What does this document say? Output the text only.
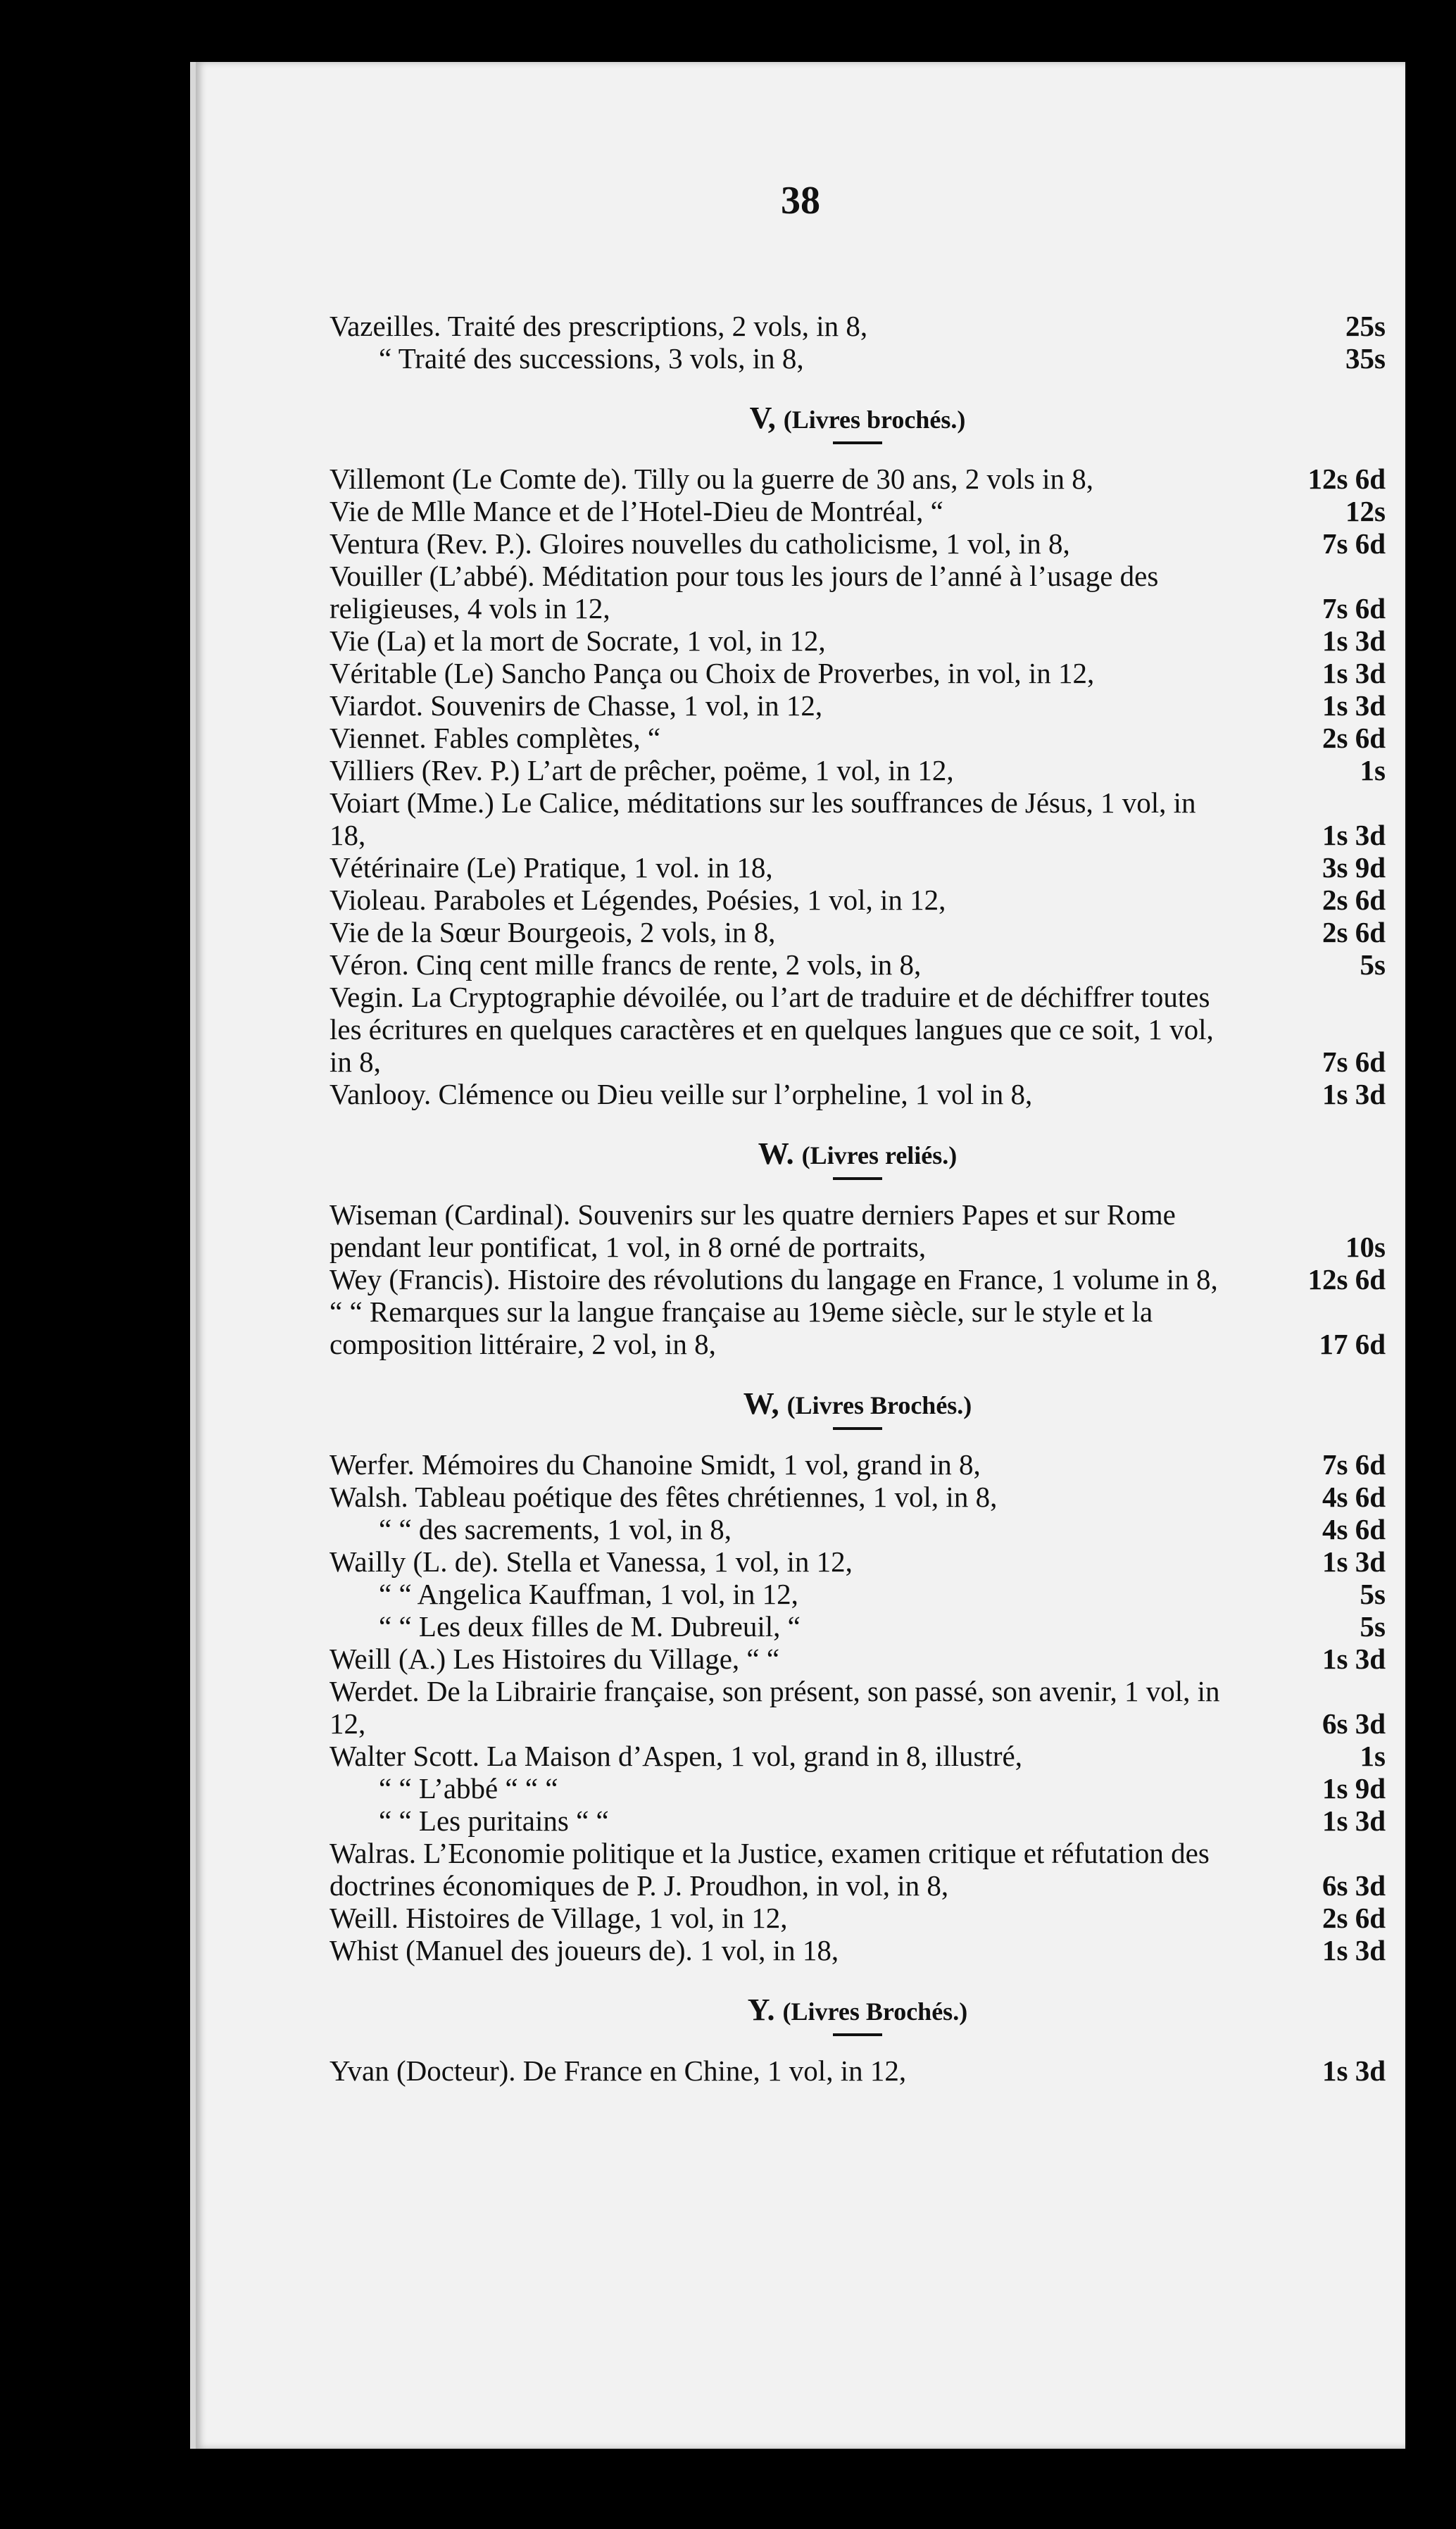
38
Vazeilles. Traité des prescriptions, 2 vols, in 8,	25s
“ Traité des successions, 3 vols, in 8,	35s
V, (Livres brochés.)
Villemont (Le Comte de). Tilly ou la guerre de 30 ans, 2 vols in 8,	12s 6d
Vie de Mlle Mance et de l’Hotel-Dieu de Montréal, “	12s
Ventura (Rev. P.). Gloires nouvelles du catholicisme, 1 vol, in 8,	7s 6d
Vouiller (L’abbé). Méditation pour tous les jours de l’anné à l’usage des religieuses, 4 vols in 12,	7s 6d
Vie (La) et la mort de Socrate, 1 vol, in 12,	1s 3d
Véritable (Le) Sancho Pança ou Choix de Proverbes, in vol, in 12,	1s 3d
Viardot. Souvenirs de Chasse, 1 vol, in 12,	1s 3d
Viennet. Fables complètes, “	2s 6d
Villiers (Rev. P.) L’art de prêcher, poëme, 1 vol, in 12,	1s
Voiart (Mme.) Le Calice, méditations sur les souffrances de Jésus, 1 vol, in 18,	1s 3d
Vétérinaire (Le) Pratique, 1 vol. in 18,	3s 9d
Violeau. Paraboles et Légendes, Poésies, 1 vol, in 12,	2s 6d
Vie de la Sœur Bourgeois, 2 vols, in 8,	2s 6d
Véron. Cinq cent mille francs de rente, 2 vols, in 8,	5s
Vegin. La Cryptographie dévoilée, ou l’art de traduire et de déchiffrer toutes les écritures en quelques caractères et en quelques langues que ce soit, 1 vol, in 8,	7s 6d
Vanlooy. Clémence ou Dieu veille sur l’orpheline, 1 vol in 8,	1s 3d
W. (Livres reliés.)
Wiseman (Cardinal). Souvenirs sur les quatre derniers Papes et sur Rome pendant leur pontificat, 1 vol, in 8 orné de portraits,	10s
Wey (Francis). Histoire des révolutions du langage en France, 1 volume in 8,	12s 6d
“ “ Remarques sur la langue française au 19eme siècle, sur le style et la composition littéraire, 2 vol, in 8,	17 6d
W, (Livres Brochés.)
Werfer. Mémoires du Chanoine Smidt, 1 vol, grand in 8,	7s 6d
Walsh. Tableau poétique des fêtes chrétiennes, 1 vol, in 8,	4s 6d
“ “ des sacrements, 1 vol, in 8,	4s 6d
Wailly (L. de). Stella et Vanessa, 1 vol, in 12,	1s 3d
“ “ Angelica Kauffman, 1 vol, in 12,	5s
“ “ Les deux filles de M. Dubreuil, “	5s
Weill (A.) Les Histoires du Village, “ “	1s 3d
Werdet. De la Librairie française, son présent, son passé, son avenir, 1 vol, in 12,	6s 3d
Walter Scott. La Maison d’Aspen, 1 vol, grand in 8, illustré,	1s
“ “ L’abbé “ “ “	1s 9d
“ “ Les puritains “ “	1s 3d
Walras. L’Economie politique et la Justice, examen critique et réfutation des doctrines économiques de P. J. Proudhon, in vol, in 8,	6s 3d
Weill. Histoires de Village, 1 vol, in 12,	2s 6d
Whist (Manuel des joueurs de). 1 vol, in 18,	1s 3d
Y. (Livres Brochés.)
Yvan (Docteur). De France en Chine, 1 vol, in 12,	1s 3d
